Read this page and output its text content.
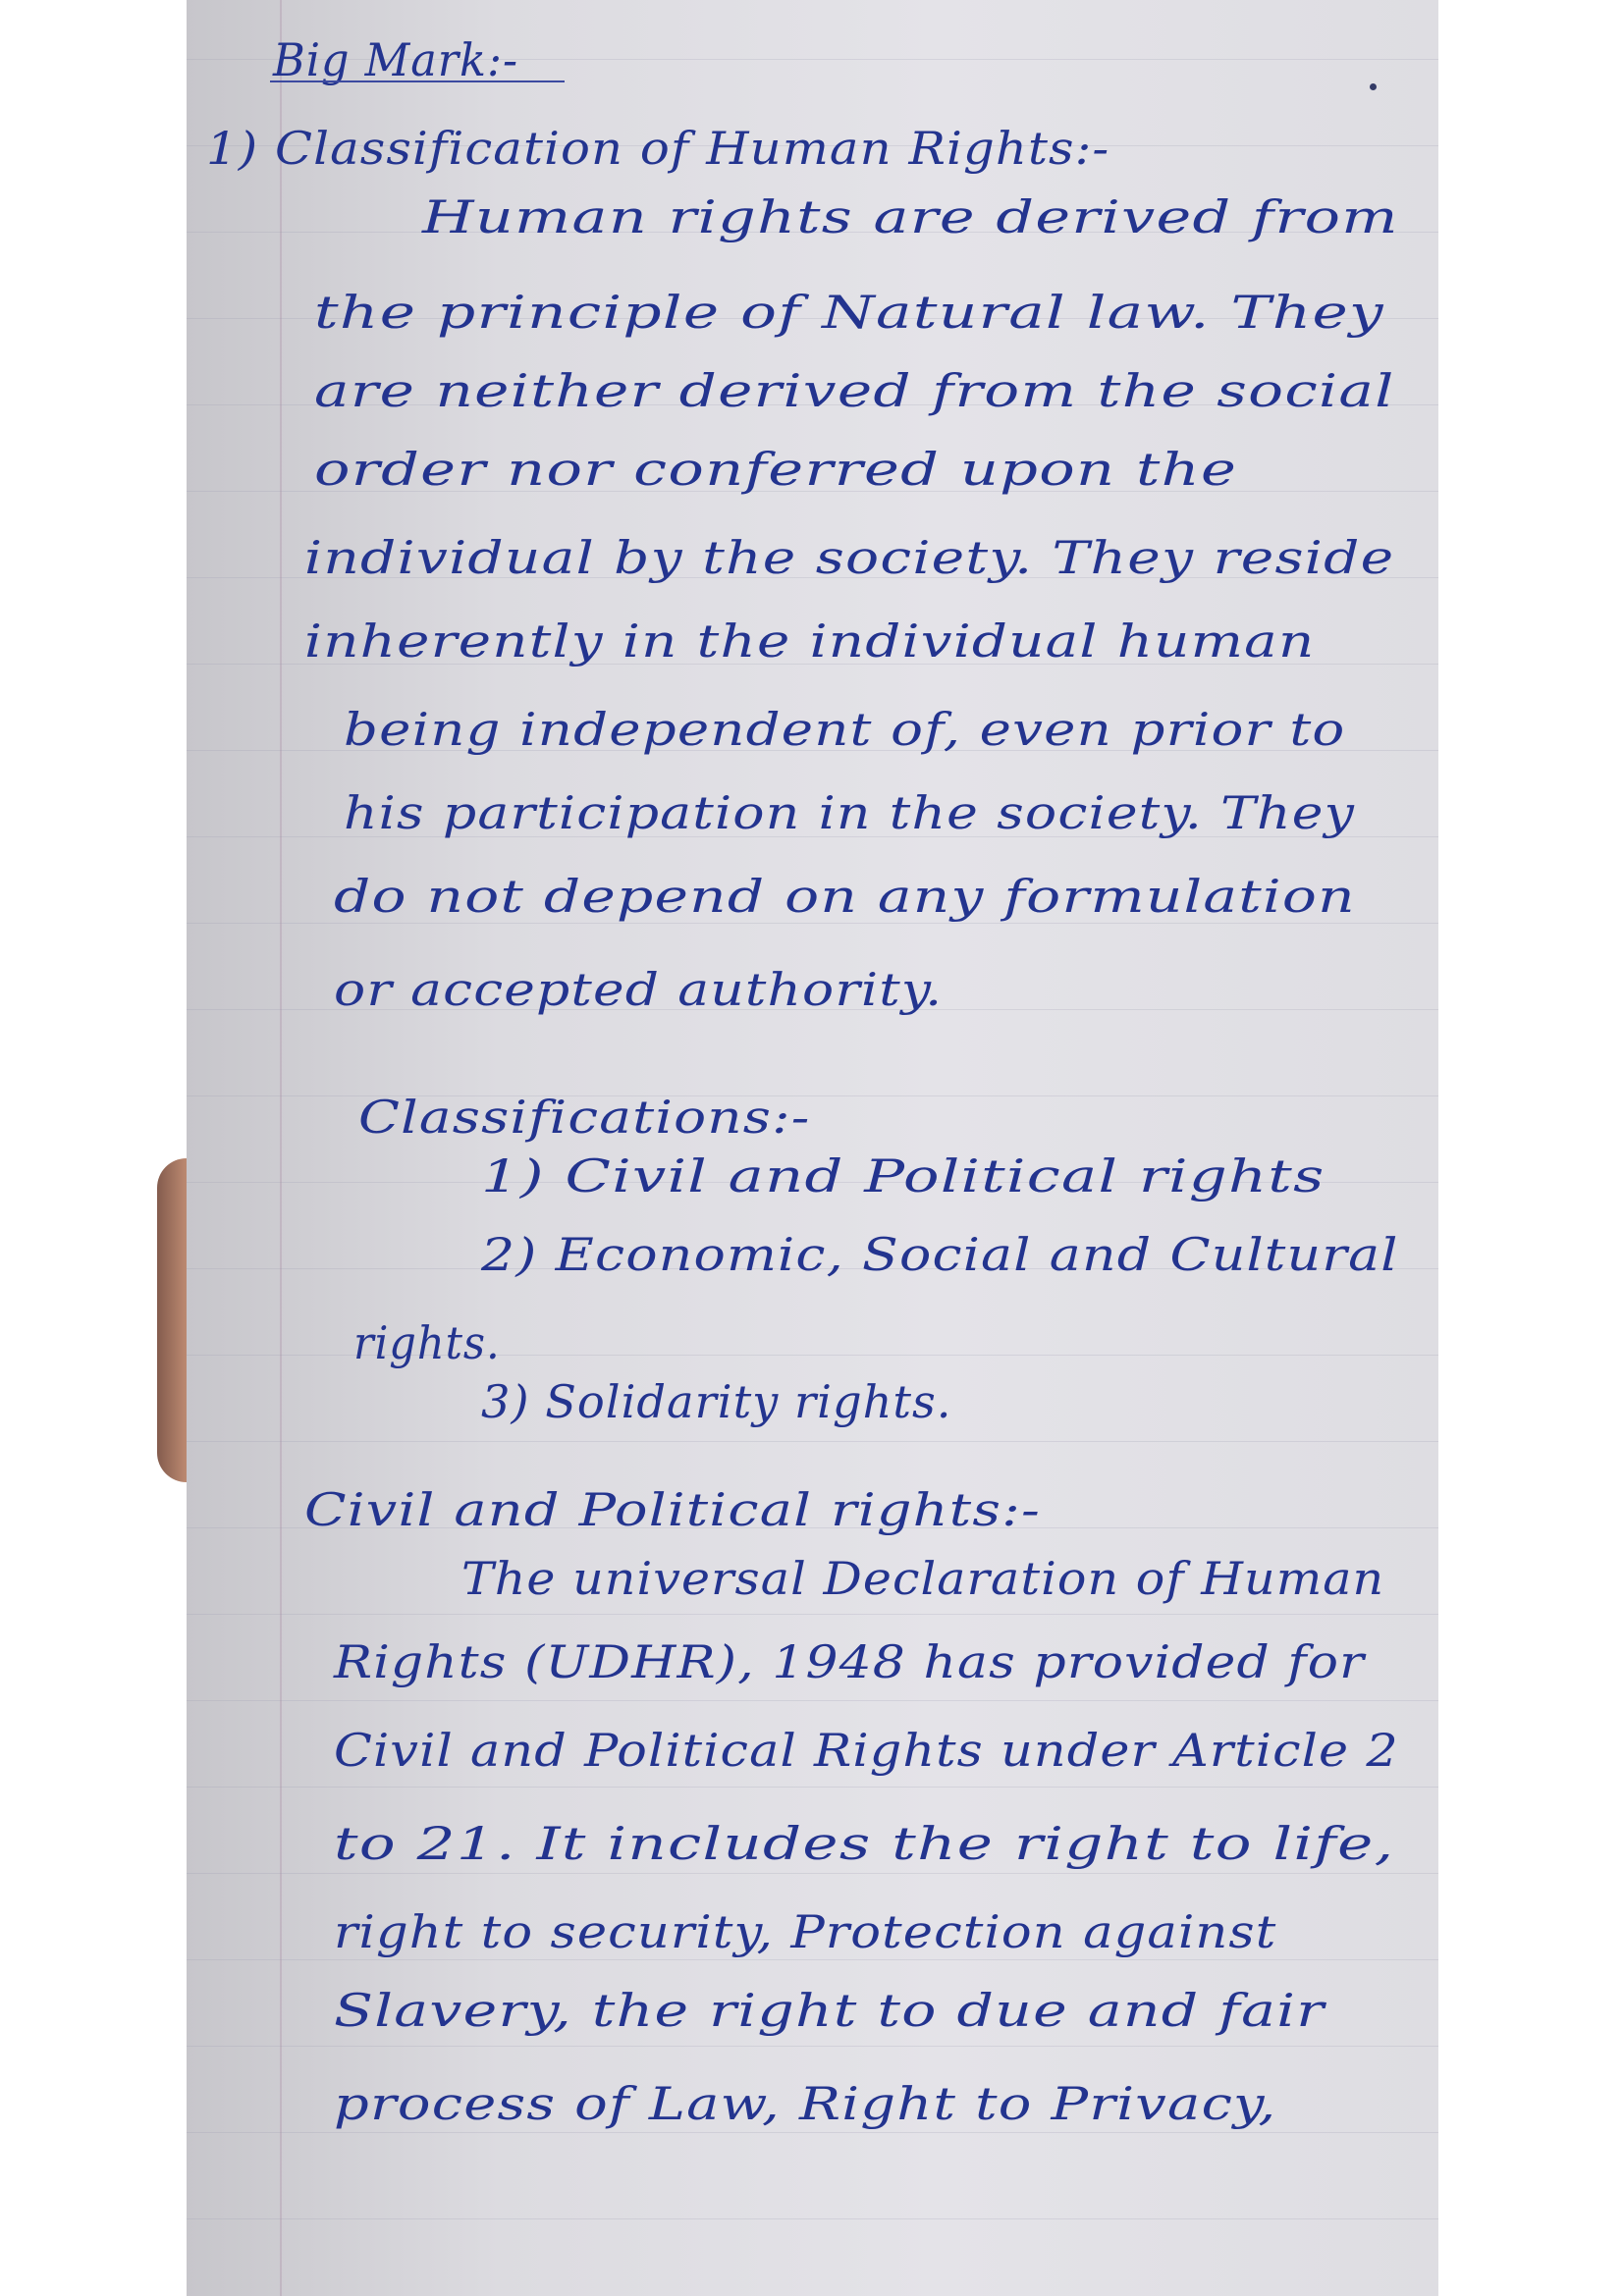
Big Mark:-

1) Classification of Human Rights:-

Human rights are derived from

the principle of Natural law. They

are neither derived from the social

order nor conferred upon the

individual by the society. They reside

inherently in the individual human

being independent of, even prior to

his participation in the society. They

do not depend on any formulation

or accepted authority.

Classifications:-

1) Civil and Political rights

2) Economic, Social and Cultural

rights.

3) Solidarity rights.

Civil and Political rights:-

The universal Declaration of Human

Rights (UDHR), 1948 has provided for

Civil and Political Rights under Article 2

to 21. It includes the right to life,

right to security, Protection against

Slavery, the right to due and fair

process of Law, Right to Privacy,
